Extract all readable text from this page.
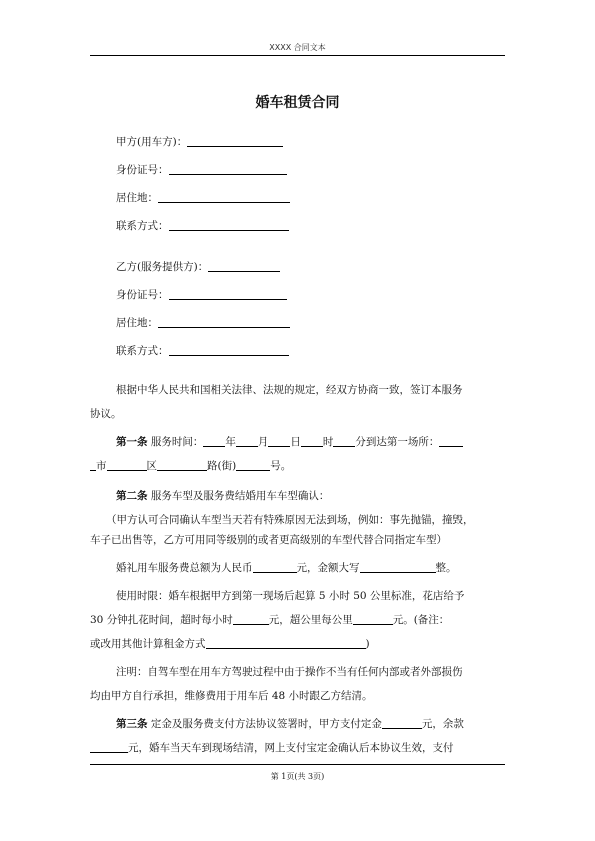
XXXX 合同文本
婚车租赁合同
甲方(用车方)：
身份证号：
居住地：
联系方式：
乙方(服务提供方)：
身份证号：
居住地：
联系方式：
根据中华人民共和国相关法律、法规的规定，经双方协商一致，签订本服务
协议。
第一条 服务时间： 年 月 日 时 分到达第一场所：
市	区	路(街)	号。
第二条 服务车型及服务费结婚用车车型确认：
（甲方认可合同确认车型当天若有特殊原因无法到场，例如：事先抛锚，撞毁，
车子已出售等，乙方可用同等级别的或者更高级别的车型代替合同指定车型）
婚礼用车服务费总额为人民币	元，金额大写	整。
使用时限：婚车根据甲方到第一现场后起算 5 小时 50 公里标准，花店给予
30 分钟扎花时间，超时每小时	元，超公里每公里	元。(备注：
或改用其他计算租金方式	)
注明：自驾车型在用车方驾驶过程中由于操作不当有任何内部或者外部损伤
均由甲方自行承担，维修费用于用车后 48 小时跟乙方结清。
第三条 定金及服务费支付方法协议签署时，甲方支付定金	元，余款
元，婚车当天车到现场结清，网上支付宝定金确认后本协议生效，支付
第 1页(共 3页)
